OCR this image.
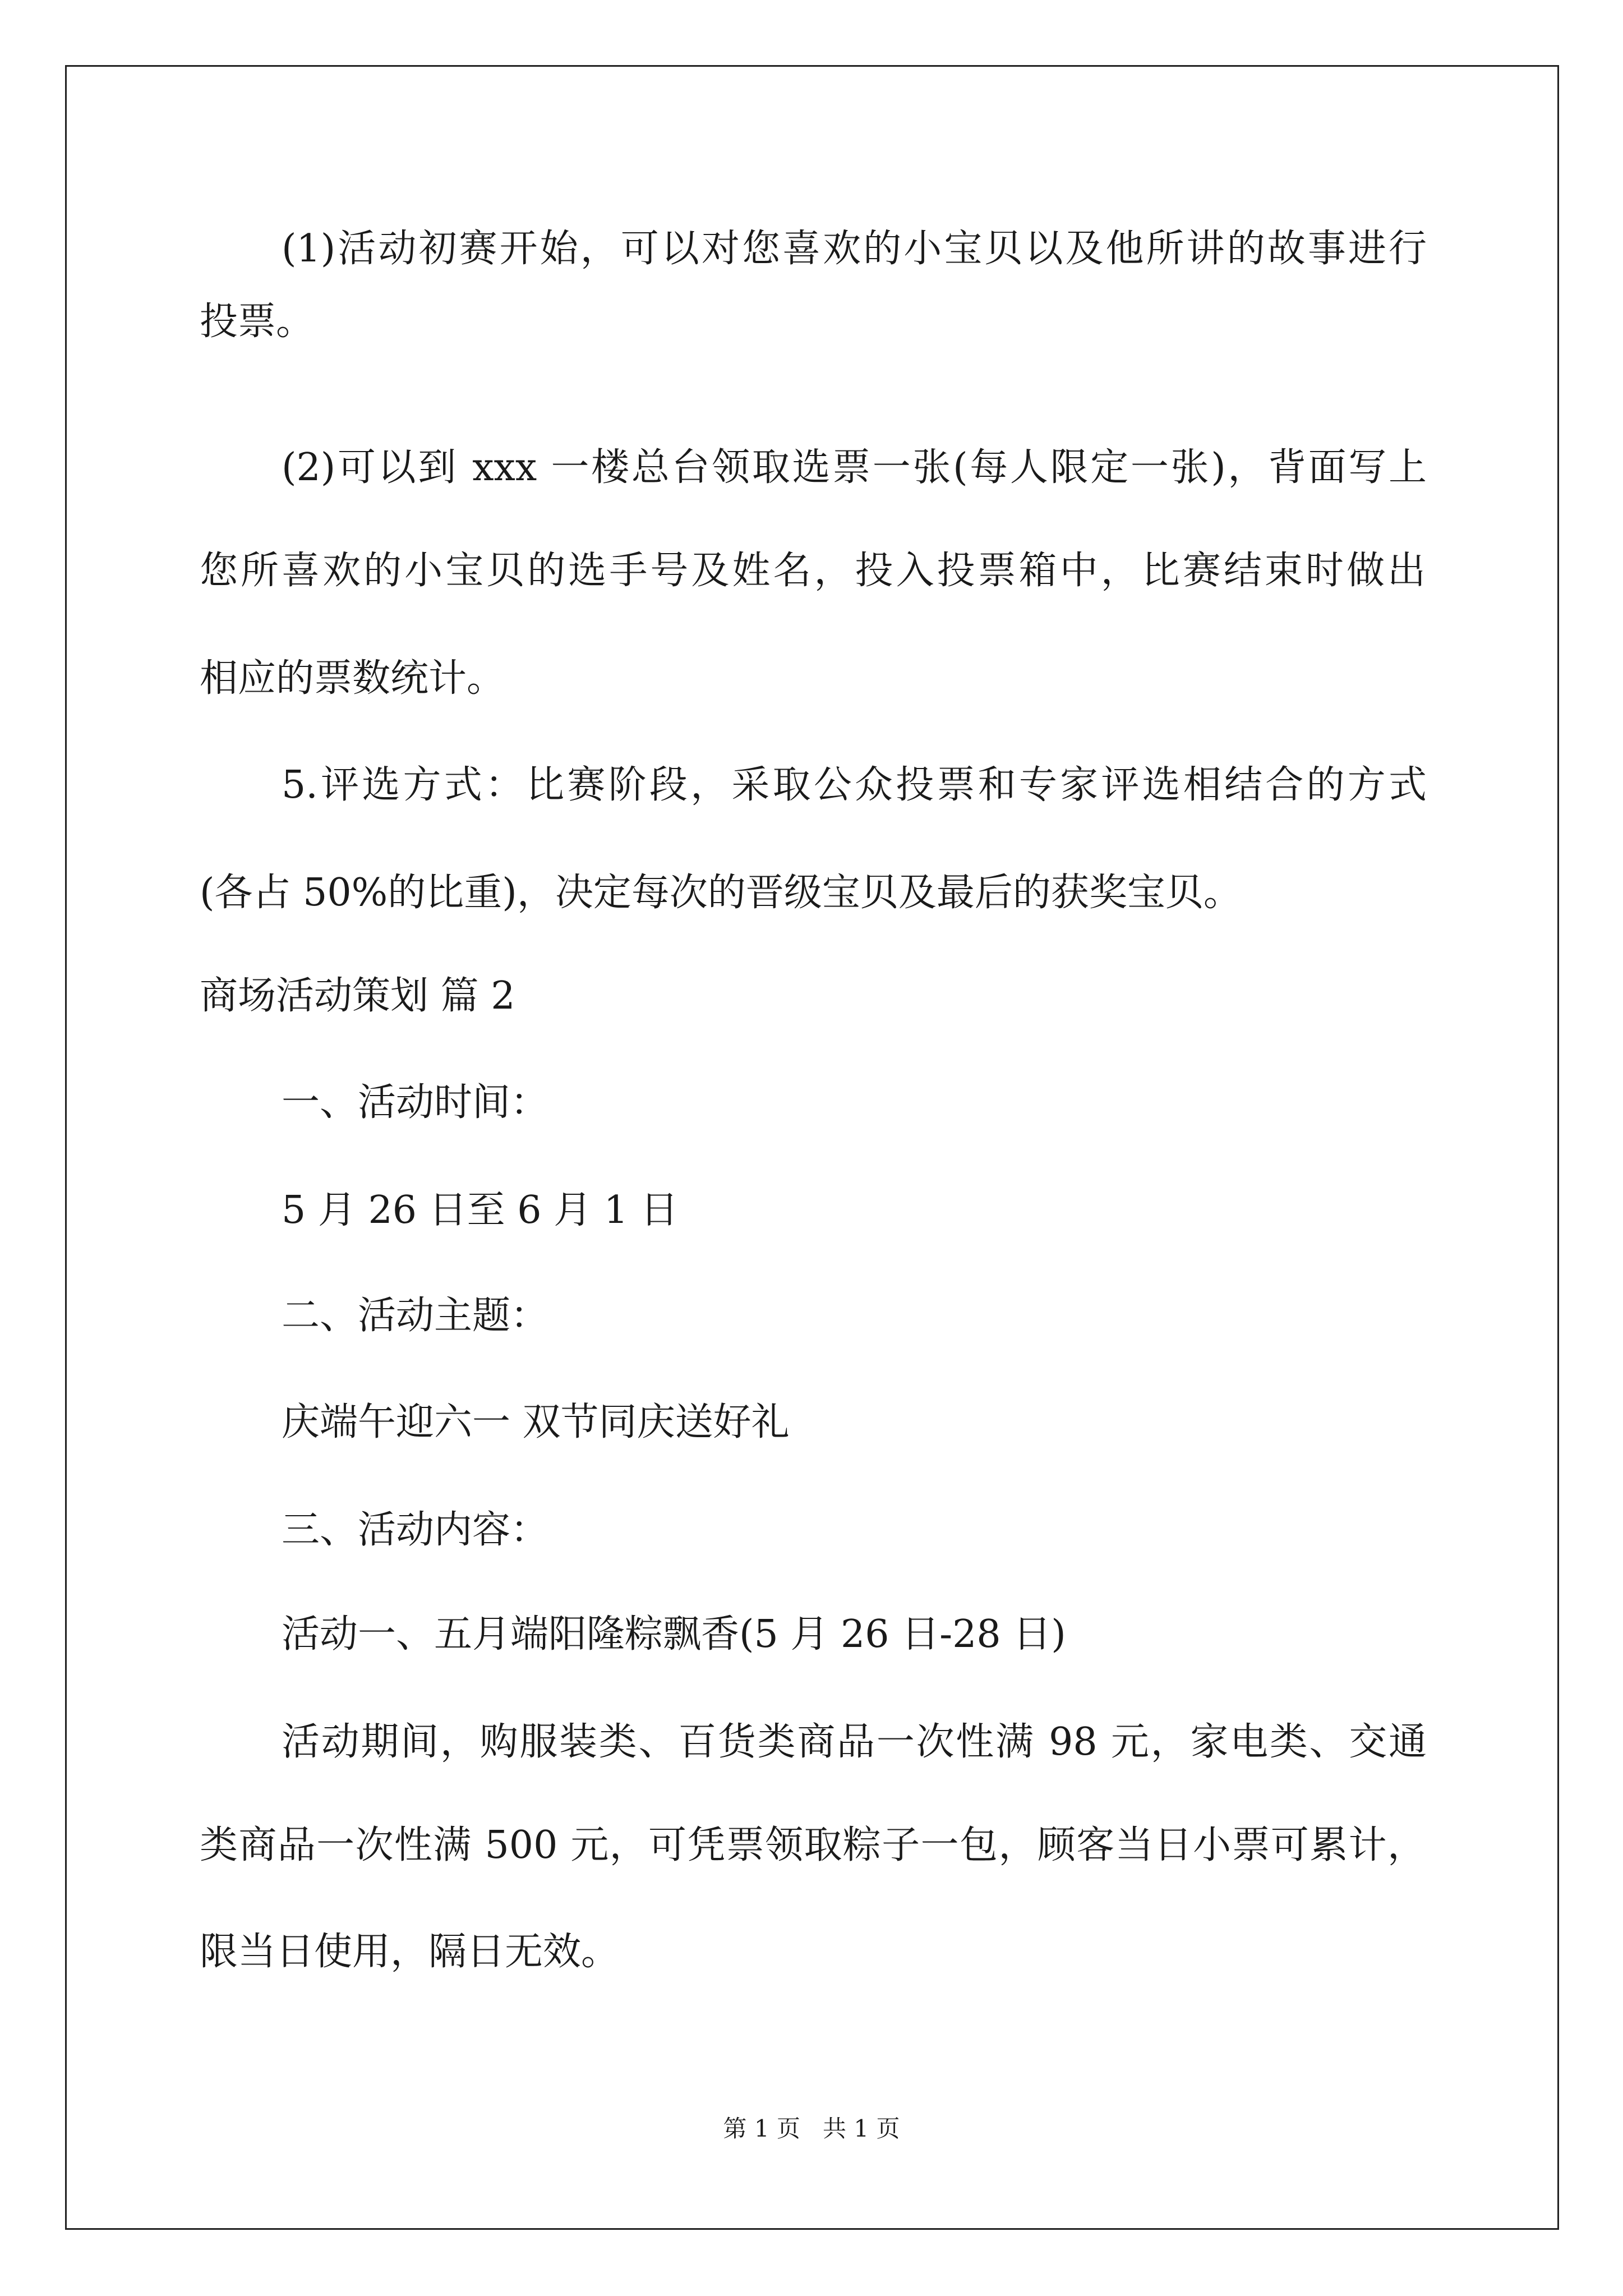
(1)活动初赛开始，可以对您喜欢的小宝贝以及他所讲的故事进行
投票。
(2)可以到 xxx 一楼总台领取选票一张(每人限定一张)，背面写上
您所喜欢的小宝贝的选手号及姓名，投入投票箱中，比赛结束时做出
相应的票数统计。
5.评选方式：比赛阶段，采取公众投票和专家评选相结合的方式
(各占 50%的比重)，决定每次的晋级宝贝及最后的获奖宝贝。
商场活动策划 篇 2
一、活动时间：
5 月 26 日至 6 月 1 日
二、活动主题：
庆端午迎六一 双节同庆送好礼
三、活动内容：
活动一、五月端阳隆粽飘香(5 月 26 日-28 日)
活动期间，购服装类、百货类商品一次性满 98 元，家电类、交通
类商品一次性满 500 元，可凭票领取粽子一包，顾客当日小票可累计，
限当日使用，隔日无效。
第 1 页   共 1 页
